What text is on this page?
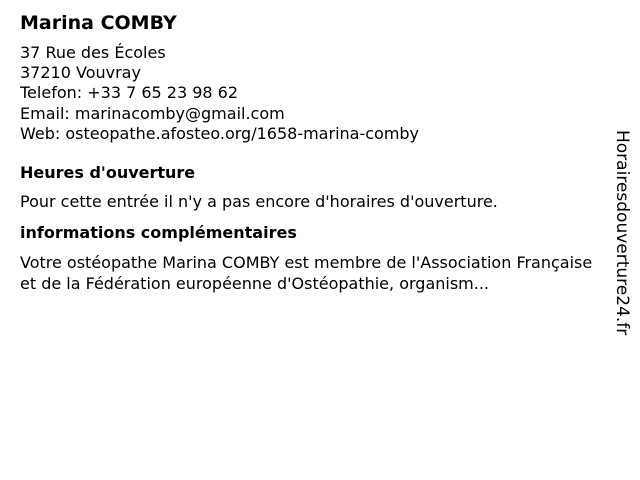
Marina COMBY
37 Rue des Écoles
37210 Vouvray
Telefon: +33 7 65 23 98 62
Email: marinacomby@gmail.com
Web: osteopathe.afosteo.org/1658-marina-comby
Heures d'ouverture
Pour cette entrée il n'y a pas encore d'horaires d'ouverture.
informations complémentaires
Votre ostéopathe Marina COMBY est membre de l'Association Française et de la Fédération européenne d'Ostéopathie, organism...	Horairesdouverture24.fr
